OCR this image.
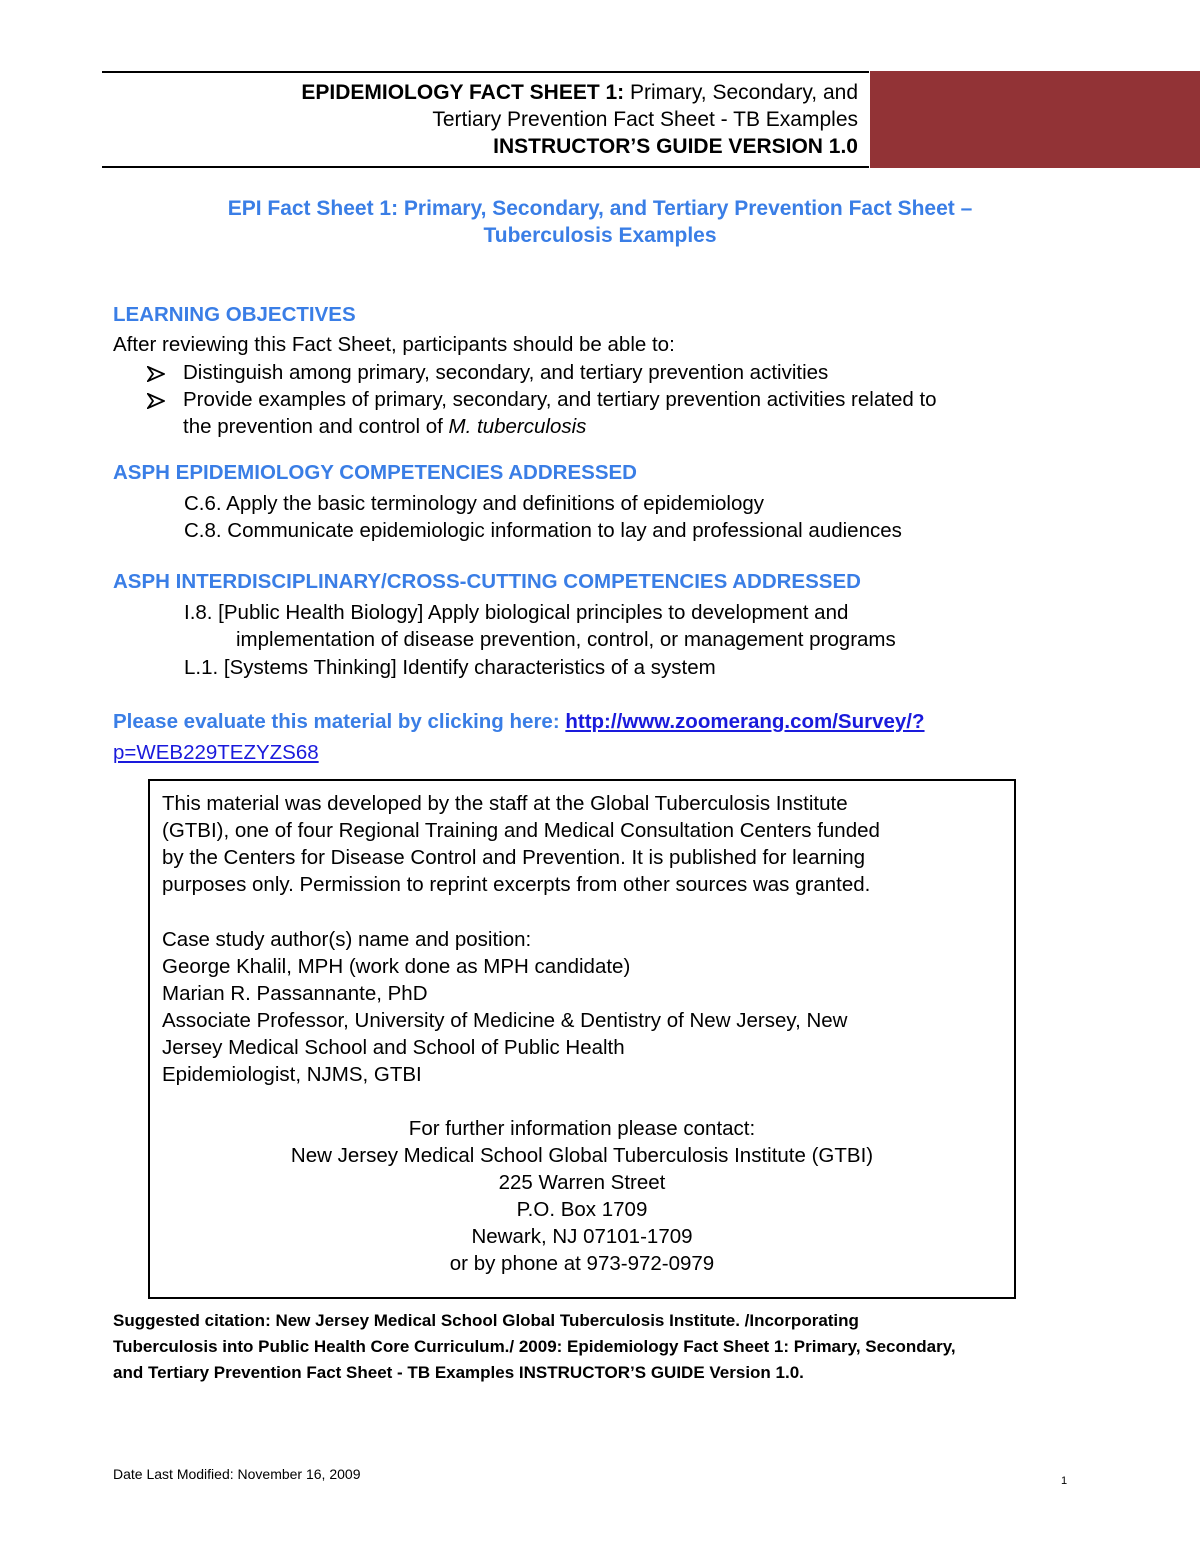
EPIDEMIOLOGY FACT SHEET 1: Primary, Secondary, and
Tertiary Prevention Fact Sheet - TB Examples
INSTRUCTOR’S GUIDE VERSION 1.0
EPI Fact Sheet 1: Primary, Secondary, and Tertiary Prevention Fact Sheet –
Tuberculosis Examples
LEARNING OBJECTIVES
After reviewing this Fact Sheet, participants should be able to:
Distinguish among primary, secondary, and tertiary prevention activities
Provide examples of primary, secondary, and tertiary prevention activities related to
the prevention and control of M. tuberculosis
ASPH EPIDEMIOLOGY COMPETENCIES ADDRESSED
C.6. Apply the basic terminology and definitions of epidemiology
C.8. Communicate epidemiologic information to lay and professional audiences
ASPH INTERDISCIPLINARY/CROSS-CUTTING COMPETENCIES ADDRESSED
I.8. [Public Health Biology] Apply biological principles to development and
implementation of disease prevention, control, or management programs
L.1. [Systems Thinking] Identify characteristics of a system
Please evaluate this material by clicking here: http://www.zoomerang.com/Survey/?
p=WEB229TEZYZS68
This material was developed by the staff at the Global Tuberculosis Institute
(GTBI), one of four Regional Training and Medical Consultation Centers funded
by the Centers for Disease Control and Prevention. It is published for learning
purposes only. Permission to reprint excerpts from other sources was granted.
Case study author(s) name and position:
George Khalil, MPH (work done as MPH candidate)
Marian R. Passannante, PhD
Associate Professor, University of Medicine & Dentistry of New Jersey, New
Jersey Medical School and School of Public Health
Epidemiologist, NJMS, GTBI
For further information please contact:
New Jersey Medical School Global Tuberculosis Institute (GTBI)
225 Warren Street
P.O. Box 1709
Newark, NJ 07101-1709
or by phone at 973-972-0979
Suggested citation: New Jersey Medical School Global Tuberculosis Institute. /Incorporating
Tuberculosis into Public Health Core Curriculum./ 2009: Epidemiology Fact Sheet 1: Primary, Secondary,
and Tertiary Prevention Fact Sheet - TB Examples INSTRUCTOR’S GUIDE Version 1.0.
Date Last Modified: November 16, 2009	1
